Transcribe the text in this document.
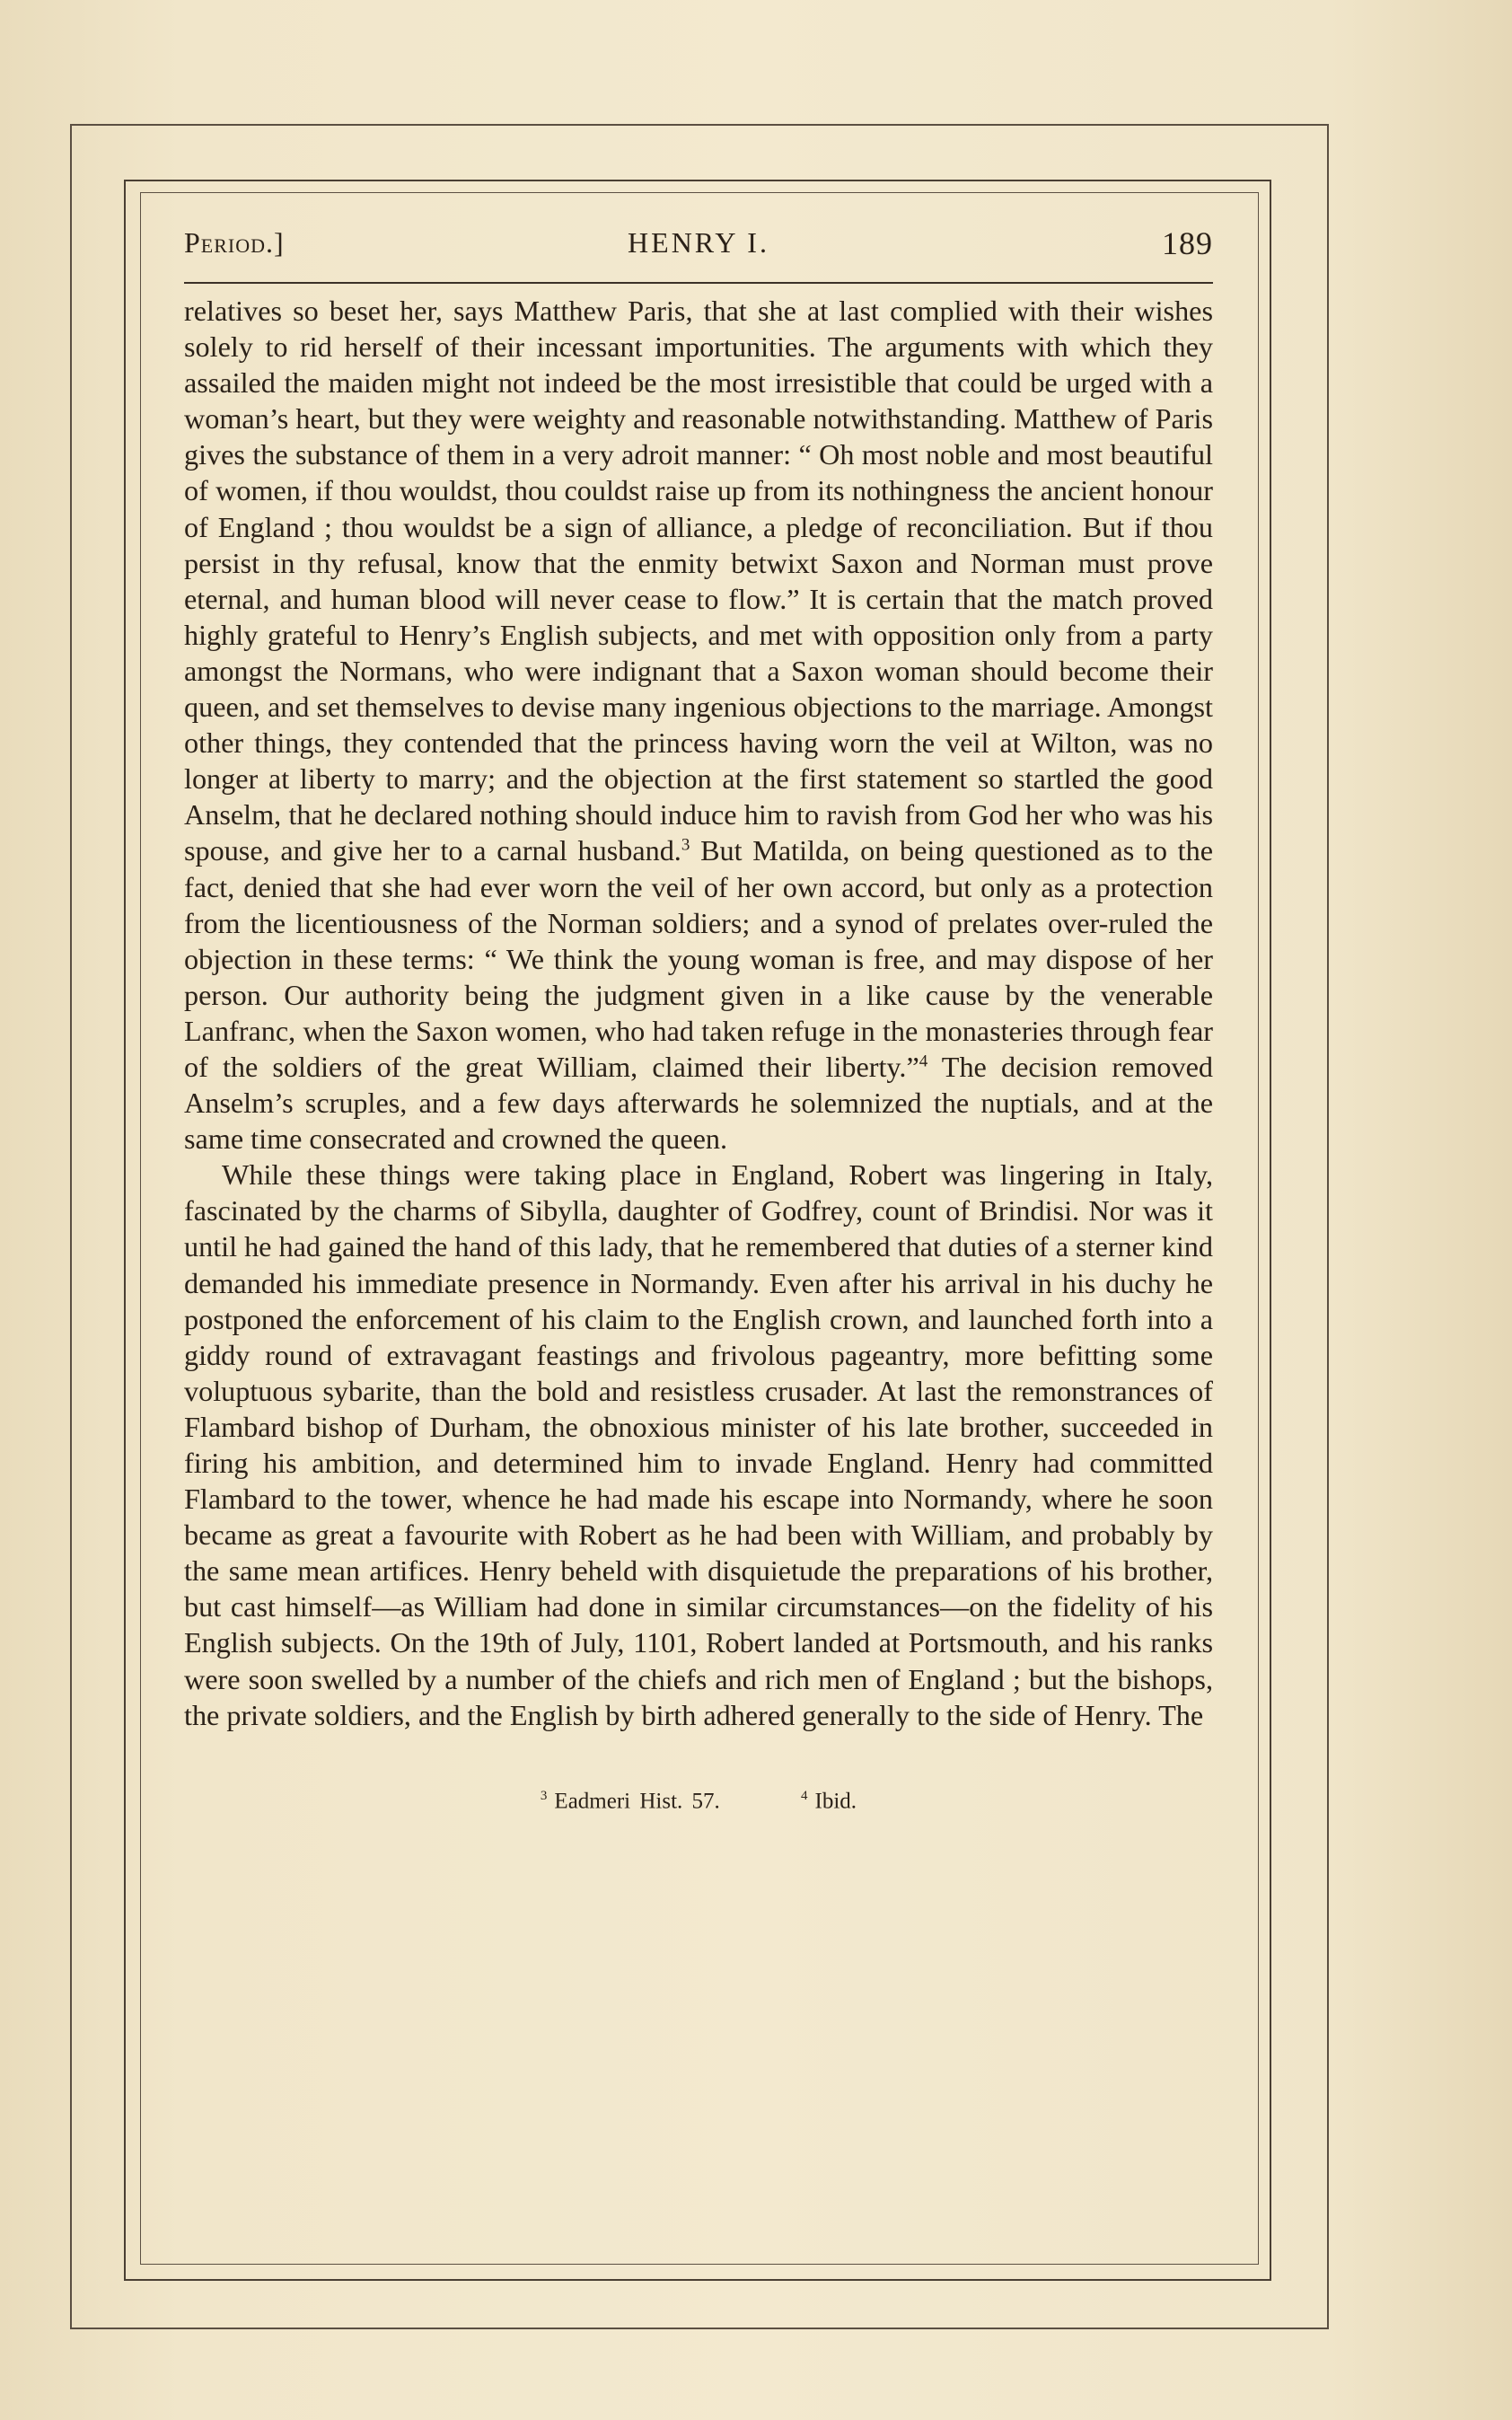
Period.]	HENRY I.	189

relatives so beset her, says Matthew Paris, that she at last complied with their wishes solely to rid herself of their incessant importunities. The arguments with which they assailed the maiden might not indeed be the most irresistible that could be urged with a woman’s heart, but they were weighty and reasonable notwithstanding. Matthew of Paris gives the substance of them in a very adroit manner: “ Oh most noble and most beautiful of women, if thou wouldst, thou couldst raise up from its nothingness the ancient honour of England ; thou wouldst be a sign of alliance, a pledge of reconciliation. But if thou persist in thy refusal, know that the enmity betwixt Saxon and Norman must prove eternal, and human blood will never cease to flow.” It is certain that the match proved highly grateful to Henry’s English subjects, and met with opposition only from a party amongst the Normans, who were indignant that a Saxon woman should become their queen, and set themselves to devise many ingenious objections to the marriage. Amongst other things, they contended that the princess having worn the veil at Wilton, was no longer at liberty to marry; and the objection at the first statement so startled the good Anselm, that he declared nothing should induce him to ravish from God her who was his spouse, and give her to a carnal husband.$^3$ But Matilda, on being questioned as to the fact, denied that she had ever worn the veil of her own accord, but only as a protection from the licentiousness of the Norman soldiers; and a synod of prelates over-ruled the objection in these terms: “ We think the young woman is free, and may dispose of her person. Our authority being the judgment given in a like cause by the venerable Lanfranc, when the Saxon women, who had taken refuge in the monasteries through fear of the soldiers of the great William, claimed their liberty.”$^4$ The decision removed Anselm’s scruples, and a few days afterwards he solemnized the nuptials, and at the same time consecrated and crowned the queen.

While these things were taking place in England, Robert was lingering in Italy, fascinated by the charms of Sibylla, daughter of Godfrey, count of Brindisi. Nor was it until he had gained the hand of this lady, that he remembered that duties of a sterner kind demanded his immediate presence in Normandy. Even after his arrival in his duchy he postponed the enforcement of his claim to the English crown, and launched forth into a giddy round of extravagant feastings and frivolous pageantry, more befitting some voluptuous sybarite, than the bold and resistless crusader. At last the remonstrances of Flambard bishop of Durham, the obnoxious minister of his late brother, succeeded in firing his ambition, and determined him to invade England. Henry had committed Flambard to the tower, whence he had made his escape into Normandy, where he soon became as great a favourite with Robert as he had been with William, and probably by the same mean artifices. Henry beheld with disquietude the preparations of his brother, but cast himself—as William had done in similar circumstances—on the fidelity of his English subjects. On the 19th of July, 1101, Robert landed at Portsmouth, and his ranks were soon swelled by a number of the chiefs and rich men of England ; but the bishops, the private soldiers, and the English by birth adhered generally to the side of Henry. The

$^3$ Eadmeri Hist. 57.	$^4$ Ibid.
